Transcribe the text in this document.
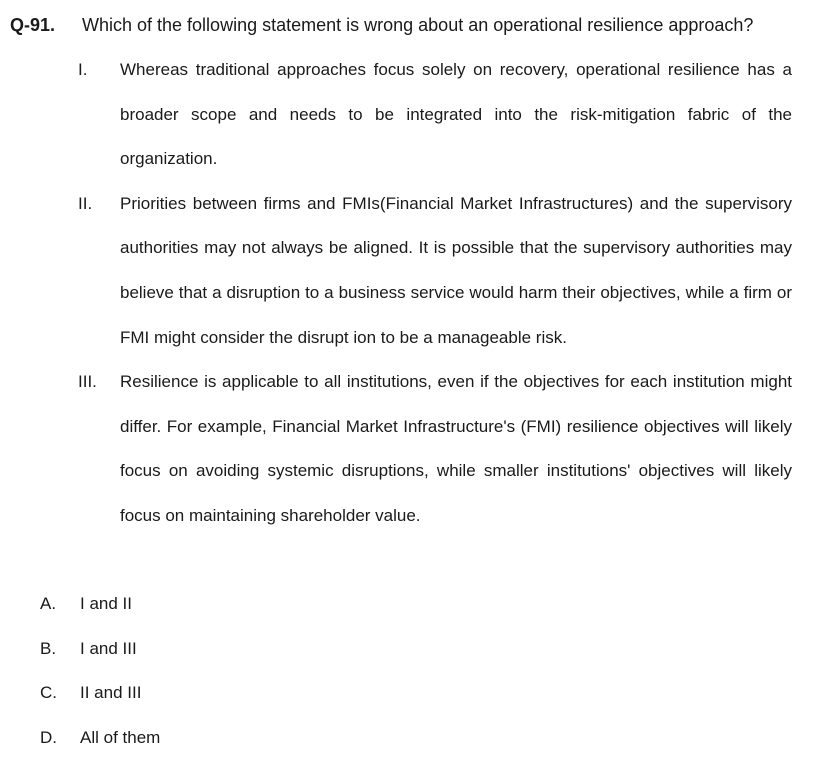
Q-91.	Which of the following statement is wrong about an operational resilience approach?
I.	Whereas traditional approaches focus solely on recovery, operational resilience has a broader scope and needs to be integrated into the risk-mitigation fabric of the organization.
II.	Priorities between firms and FMIs(Financial Market Infrastructures) and the supervisory authorities may not always be aligned. It is possible that the supervisory authorities may believe that a disruption to a business service would harm their objectives, while a firm or FMI might consider the disrupt ion to be a manageable risk.
III.	Resilience is applicable to all institutions, even if the objectives for each institution might differ. For example, Financial Market Infrastructure's (FMI) resilience objectives will likely focus on avoiding systemic disruptions, while smaller institutions' objectives will likely focus on maintaining shareholder value.
A.	I and II
B.	I and III
C.	II and III
D.	All of them
